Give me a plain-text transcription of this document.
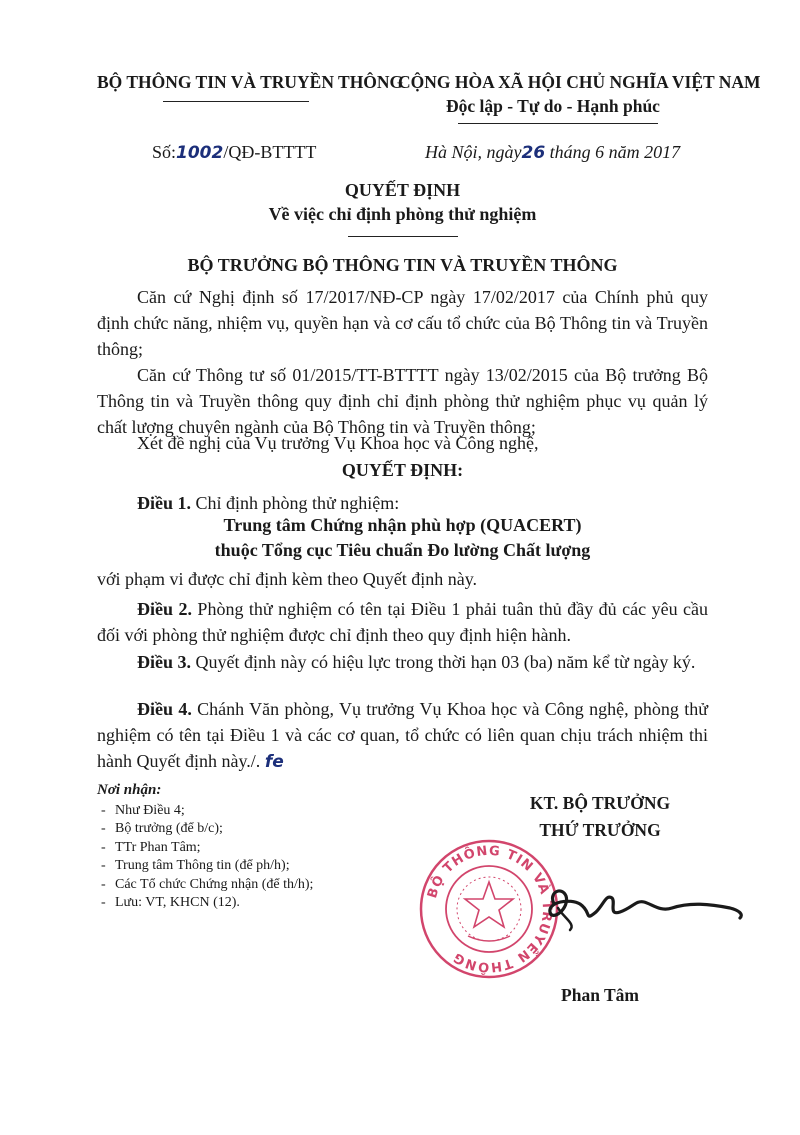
BỘ THÔNG TIN VÀ TRUYỀN THÔNG
CỘNG HÒA XÃ HỘI CHỦ NGHĨA VIỆT NAM
Độc lập - Tự do - Hạnh phúc
Số:1002/QĐ-BTTTT	Hà Nội, ngày26 tháng 6 năm 2017
QUYẾT ĐỊNH
Về việc chỉ định phòng thử nghiệm
BỘ TRƯỞNG BỘ THÔNG TIN VÀ TRUYỀN THÔNG
Căn cứ Nghị định số 17/2017/NĐ-CP ngày 17/02/2017 của Chính phủ quy định chức năng, nhiệm vụ, quyền hạn và cơ cấu tổ chức của Bộ Thông tin và Truyền thông;
Căn cứ Thông tư số 01/2015/TT-BTTTT ngày 13/02/2015 của Bộ trưởng Bộ Thông tin và Truyền thông quy định chỉ định phòng thử nghiệm phục vụ quản lý chất lượng chuyên ngành của Bộ Thông tin và Truyền thông;
Xét đề nghị của Vụ trưởng Vụ Khoa học và Công nghệ,
QUYẾT ĐỊNH:
Điều 1. Chỉ định phòng thử nghiệm:
Trung tâm Chứng nhận phù hợp (QUACERT)
thuộc Tổng cục Tiêu chuẩn Đo lường Chất lượng
với phạm vi được chỉ định kèm theo Quyết định này.
Điều 2. Phòng thử nghiệm có tên tại Điều 1 phải tuân thủ đầy đủ các yêu cầu đối với phòng thử nghiệm được chỉ định theo quy định hiện hành.
Điều 3. Quyết định này có hiệu lực trong thời hạn 03 (ba) năm kể từ ngày ký.
Điều 4. Chánh Văn phòng, Vụ trưởng Vụ Khoa học và Công nghệ, phòng thử nghiệm có tên tại Điều 1 và các cơ quan, tổ chức có liên quan chịu trách nhiệm thi hành Quyết định này./. fe
Nơi nhận:
- Như Điều 4;
- Bộ trưởng (để b/c);
- TTr Phan Tâm;
- Trung tâm Thông tin (để ph/h);
- Các Tổ chức Chứng nhận (để th/h);
- Lưu: VT, KHCN (12).
KT. BỘ TRƯỞNG
THỨ TRƯỞNG
BỘ THÔNG TIN VÀ TRUYỀN THÔNG
Phan Tâm
